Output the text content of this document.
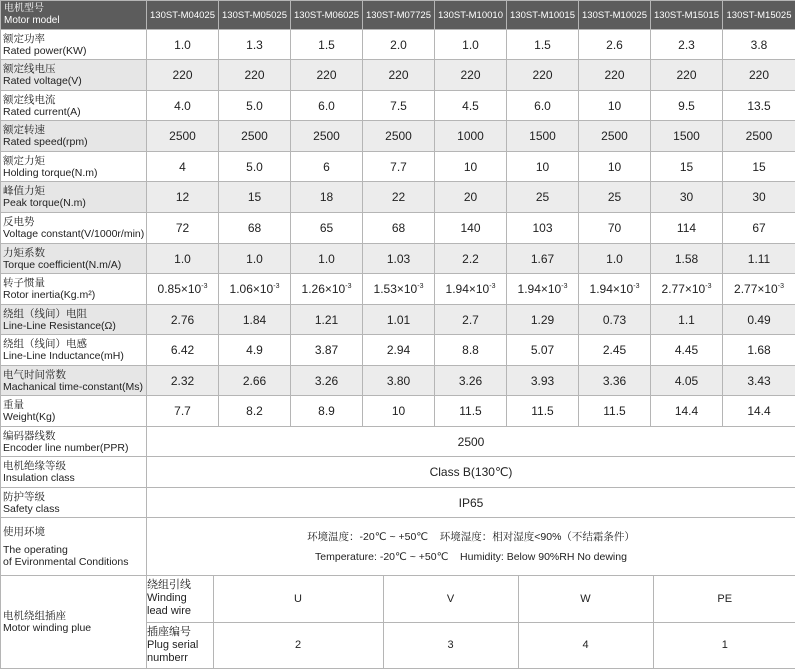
电机型号
Motor model	130ST-M04025	130ST-M05025	130ST-M06025	130ST-M07725	130ST-M10010	130ST-M10015	130ST-M10025	130ST-M15015	130ST-M15025

额定功率
Rated power(KW)	1.0	1.3	1.5	2.0	1.0	1.5	2.6	2.3	3.8

额定线电压
Rated voltage(V)	220	220	220	220	220	220	220	220	220

额定线电流
Rated current(A)	4.0	5.0	6.0	7.5	4.5	6.0	10	9.5	13.5

额定转速
Rated speed(rpm)	2500	2500	2500	2500	1000	1500	2500	1500	2500

额定力矩
Holding torque(N.m)	4	5.0	6	7.7	10	10	10	15	15

峰值力矩
Peak torque(N.m)	12	15	18	22	20	25	25	30	30

反电势
Voltage constant(V/1000r/min)	72	68	65	68	140	103	70	114	67

力矩系数
Torque coefficient(N.m/A)	1.0	1.0	1.0	1.03	2.2	1.67	1.0	1.58	1.11

转子惯量
Rotor inertia(Kg.m²)	$0.85\times 10^{-3}$	$1.06\times 10^{-3}$	$1.26\times 10^{-3}$	$1.53\times 10^{-3}$	$1.94\times 10^{-3}$	$1.94\times 10^{-3}$	$1.94\times 10^{-3}$	$2.77\times 10^{-3}$	$2.77\times 10^{-3}$

绕组（线间）电阻
Line-Line Resistance(Ω)	2.76	1.84	1.21	1.01	2.7	1.29	0.73	1.1	0.49

绕组（线间）电感
Line-Line Inductance(mH)	6.42	4.9	3.87	2.94	8.8	5.07	2.45	4.45	1.68

电气时间常数
Machanical time-constant(Ms)	2.32	2.66	3.26	3.80	3.26	3.93	3.36	4.05	3.43

重量
Weight(Kg)	7.7	8.2	8.9	10	11.5	11.5	11.5	14.4	14.4

编码器线数
Encoder line number(PPR)	2500

电机绝缘等级
Insulation class	Class B(130℃)

防护等级
Safety class	IP65

使用环境
The operating
of Evironmental Conditions

环境温度：-20℃ ~ +50℃    环境湿度：相对湿度<90%（不结霜条件）
Temperature: -20℃ ~ +50℃    Humidity: Below 90%RH No dewing

电机绕组插座
Motor winding plue

绕组引线
Winding
lead wire
	U	V	W	PE

插座编号
Plug serial
numberr
	2	3	4	1
